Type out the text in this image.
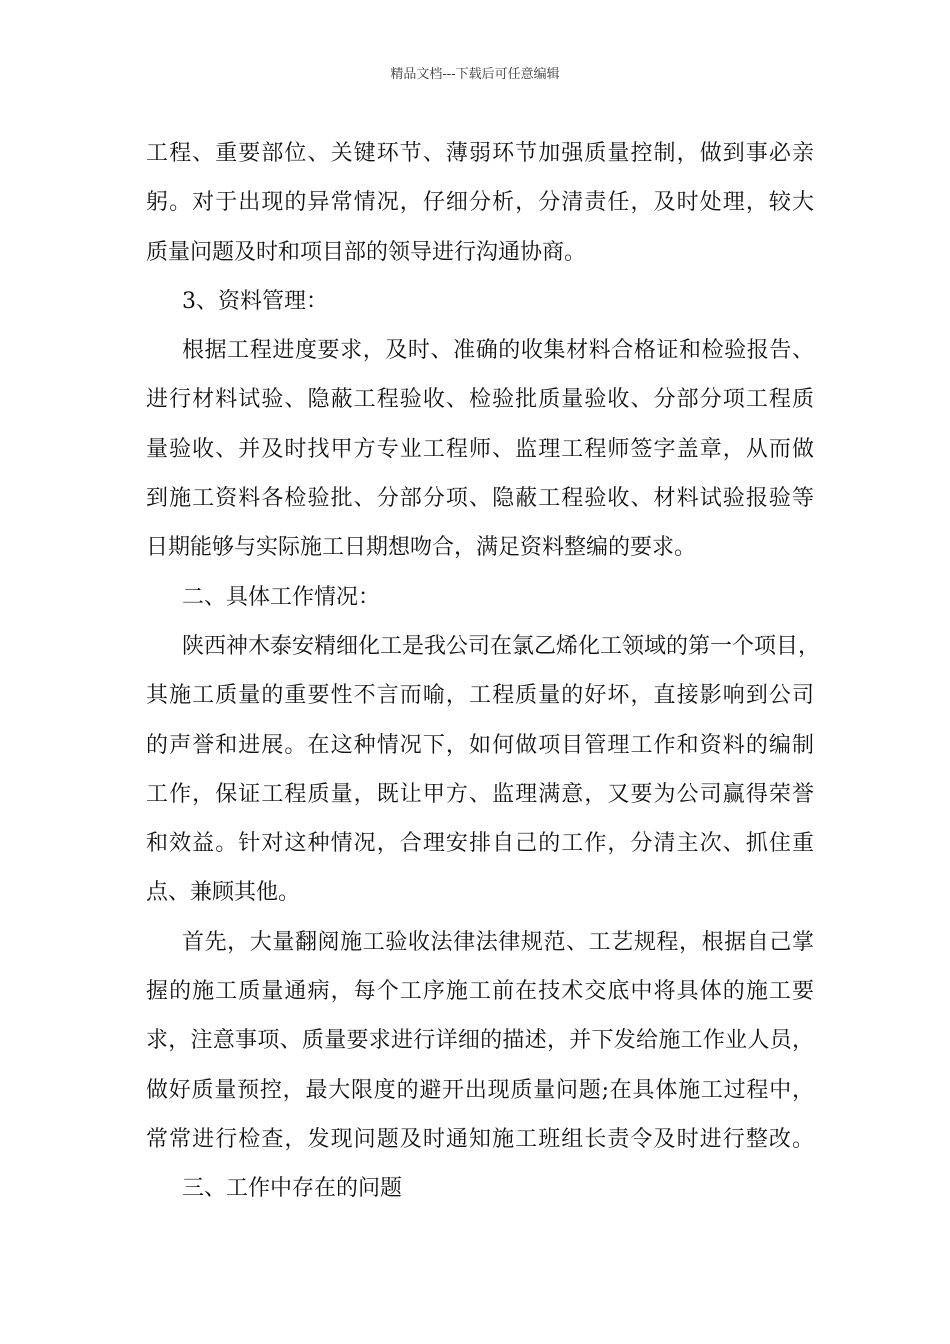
精品文档---下载后可任意编辑
工程、重要部位、关键环节、薄弱环节加强质量控制，做到事必亲
躬。对于出现的异常情况，仔细分析，分清责任，及时处理，较大
质量问题及时和项目部的领导进行沟通协商。
3、资料管理：
根据工程进度要求，及时、准确的收集材料合格证和检验报告、
进行材料试验、隐蔽工程验收、检验批质量验收、分部分项工程质
量验收、并及时找甲方专业工程师、监理工程师签字盖章，从而做
到施工资料各检验批、分部分项、隐蔽工程验收、材料试验报验等
日期能够与实际施工日期想吻合，满足资料整编的要求。
二、具体工作情况：
陕西神木泰安精细化工是我公司在氯乙烯化工领域的第一个项目，
其施工质量的重要性不言而喻，工程质量的好坏，直接影响到公司
的声誉和进展。在这种情况下，如何做项目管理工作和资料的编制
工作，保证工程质量，既让甲方、监理满意，又要为公司赢得荣誉
和效益。针对这种情况，合理安排自己的工作，分清主次、抓住重
点、兼顾其他。
首先，大量翻阅施工验收法律法律规范、工艺规程，根据自己掌
握的施工质量通病，每个工序施工前在技术交底中将具体的施工要
求，注意事项、质量要求进行详细的描述，并下发给施工作业人员，
做好质量预控，最大限度的避开出现质量问题;在具体施工过程中，
常常进行检查，发现问题及时通知施工班组长责令及时进行整改。
三、工作中存在的问题
